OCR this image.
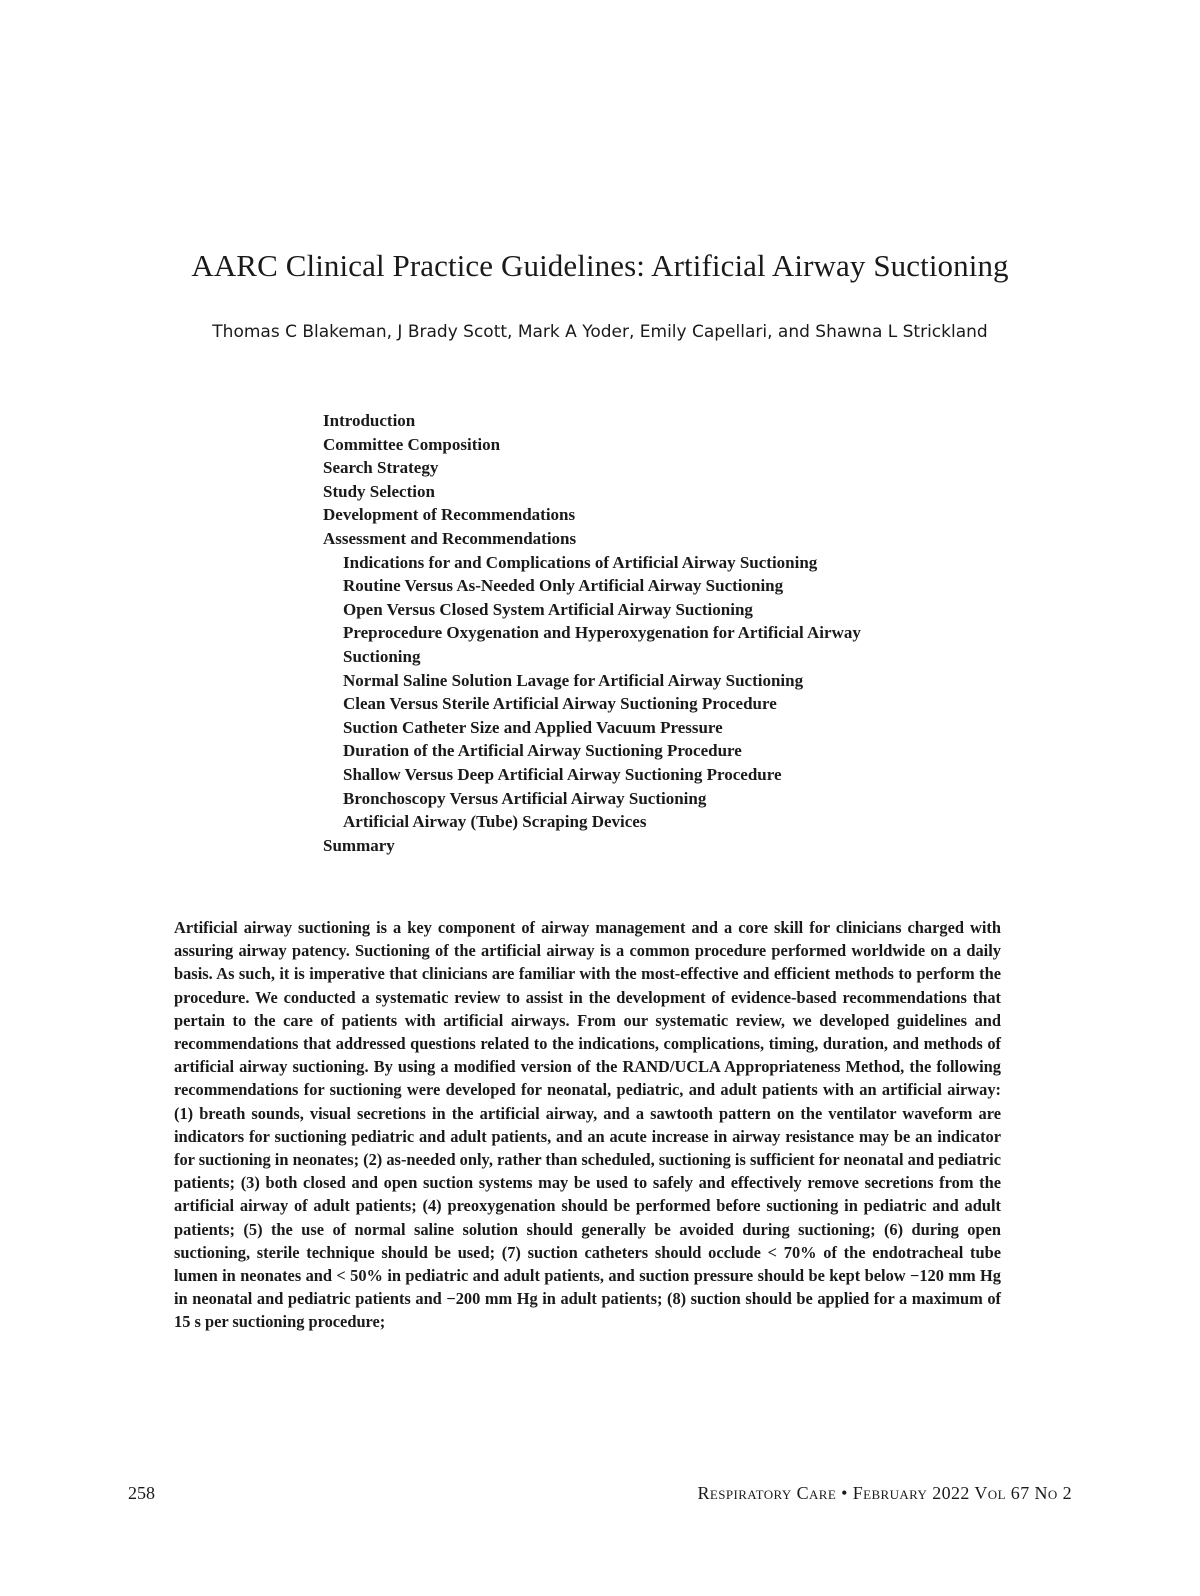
AARC Clinical Practice Guidelines: Artificial Airway Suctioning

Thomas C Blakeman, J Brady Scott, Mark A Yoder, Emily Capellari, and Shawna L Strickland

Introduction
Committee Composition
Search Strategy
Study Selection
Development of Recommendations
Assessment and Recommendations
Indications for and Complications of Artificial Airway Suctioning
Routine Versus As-Needed Only Artificial Airway Suctioning
Open Versus Closed System Artificial Airway Suctioning
Preprocedure Oxygenation and Hyperoxygenation for Artificial Airway
Suctioning
Normal Saline Solution Lavage for Artificial Airway Suctioning
Clean Versus Sterile Artificial Airway Suctioning Procedure
Suction Catheter Size and Applied Vacuum Pressure
Duration of the Artificial Airway Suctioning Procedure
Shallow Versus Deep Artificial Airway Suctioning Procedure
Bronchoscopy Versus Artificial Airway Suctioning
Artificial Airway (Tube) Scraping Devices
Summary

Artificial airway suctioning is a key component of airway management and a core skill for clinicians charged with assuring airway patency. Suctioning of the artificial airway is a common procedure performed worldwide on a daily basis. As such, it is imperative that clinicians are familiar with the most-effective and efficient methods to perform the procedure. We conducted a systematic review to assist in the development of evidence-based recommendations that pertain to the care of patients with artificial airways. From our systematic review, we developed guidelines and recommendations that addressed questions related to the indications, complications, timing, duration, and methods of artificial airway suctioning. By using a modified version of the RAND/UCLA Appropriateness Method, the following recommendations for suctioning were developed for neonatal, pediatric, and adult patients with an artificial airway: (1) breath sounds, visual secretions in the artificial airway, and a sawtooth pattern on the ventilator waveform are indicators for suctioning pediatric and adult patients, and an acute increase in airway resistance may be an indicator for suctioning in neonates; (2) as-needed only, rather than scheduled, suctioning is sufficient for neonatal and pediatric patients; (3) both closed and open suction systems may be used to safely and effectively remove secretions from the artificial airway of adult patients; (4) preoxygenation should be performed before suctioning in pediatric and adult patients; (5) the use of normal saline solution should generally be avoided during suctioning; (6) during open suctioning, sterile technique should be used; (7) suction catheters should occlude < 70% of the endotracheal tube lumen in neonates and < 50% in pediatric and adult patients, and suction pressure should be kept below −120 mm Hg in neonatal and pediatric patients and −200 mm Hg in adult patients; (8) suction should be applied for a maximum of 15 s per suctioning procedure;

258	Respiratory Care • February 2022 Vol 67 No 2
